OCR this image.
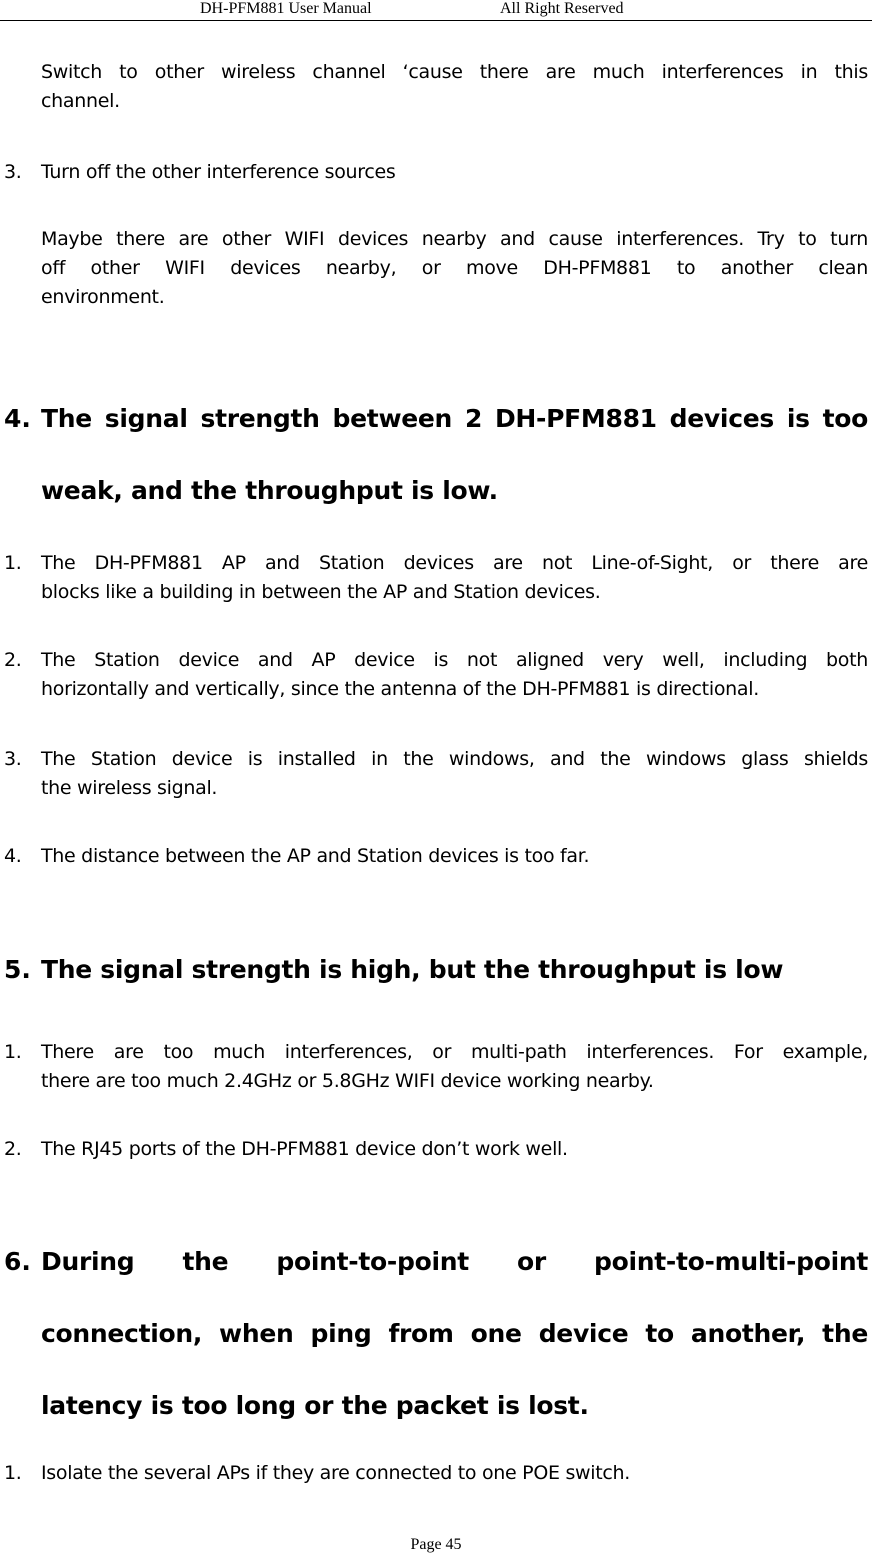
DH-PFM881 User Manual	All Right Reserved
Switch to other wireless channel ‘cause there are much interferences in this
channel.
3. Turn off the other interference sources
Maybe there are other WIFI devices nearby and cause interferences. Try to turn
off other WIFI devices nearby, or move DH-PFM881 to another clean
environment.
4. The signal strength between 2 DH-PFM881 devices is too
weak, and the throughput is low.
1. The DH-PFM881 AP and Station devices are not Line-of-Sight, or there are
blocks like a building in between the AP and Station devices.
2. The Station device and AP device is not aligned very well, including both
horizontally and vertically, since the antenna of the DH-PFM881 is directional.
3. The Station device is installed in the windows, and the windows glass shields
the wireless signal.
4. The distance between the AP and Station devices is too far.
5. The signal strength is high, but the throughput is low
1. There are too much interferences, or multi-path interferences. For example,
there are too much 2.4GHz or 5.8GHz WIFI device working nearby.
2. The RJ45 ports of the DH-PFM881 device don’t work well.
6. During the point-to-point or point-to-multi-point
connection, when ping from one device to another, the
latency is too long or the packet is lost.
1. Isolate the several APs if they are connected to one POE switch.
Page 45
